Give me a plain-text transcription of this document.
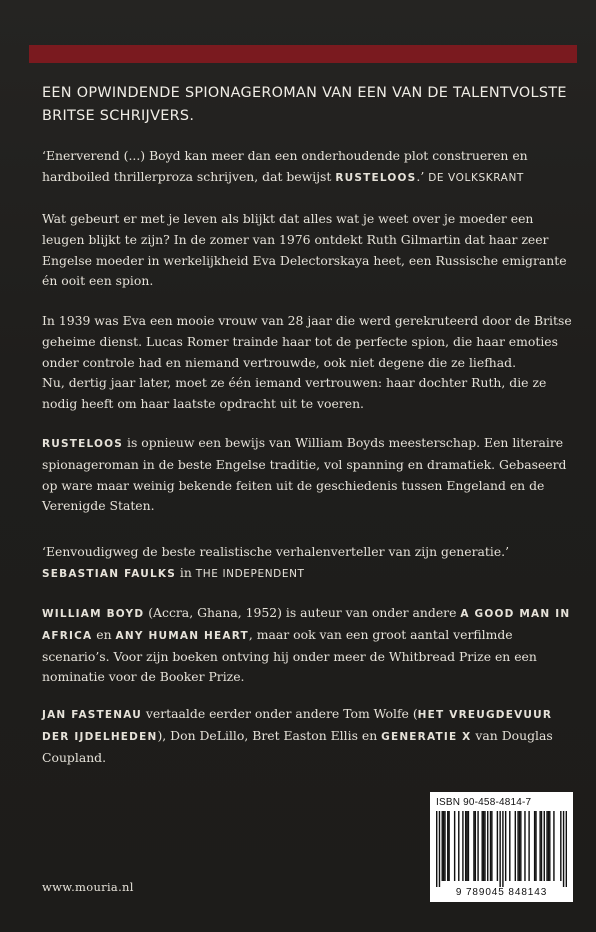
EEN OPWINDENDE SPIONAGEROMAN VAN EEN VAN DE TALENTVOLSTE
BRITSE SCHRIJVERS.

‘Enerverend (...) Boyd kan meer dan een onderhoudende plot construeren en hardboiled thrillerproza schrijven, dat bewijst RUSTELOOS.’ DE VOLKSKRANT

Wat gebeurt er met je leven als blijkt dat alles wat je weet over je moeder een leugen blijkt te zijn? In de zomer van 1976 ontdekt Ruth Gilmartin dat haar zeer Engelse moeder in werkelijkheid Eva Delectorskaya heet, een Russische emigrante én ooit een spion.

In 1939 was Eva een mooie vrouw van 28 jaar die werd gerekruteerd door de Britse geheime dienst. Lucas Romer trainde haar tot de perfecte spion, die haar emoties onder controle had en niemand vertrouwde, ook niet degene die ze liefhad.

Nu, dertig jaar later, moet ze één iemand vertrouwen: haar dochter Ruth, die ze nodig heeft om haar laatste opdracht uit te voeren.

RUSTELOOS is opnieuw een bewijs van William Boyds meesterschap. Een literaire spionageroman in de beste Engelse traditie, vol spanning en dramatiek. Gebaseerd op ware maar weinig bekende feiten uit de geschiedenis tussen Engeland en de Verenigde Staten.

‘Eenvoudigweg de beste realistische verhalenverteller van zijn generatie.’

SEBASTIAN FAULKS in THE INDEPENDENT

WILLIAM BOYD (Accra, Ghana, 1952) is auteur van onder andere A GOOD MAN IN AFRICA en ANY HUMAN HEART, maar ook van een groot aantal verfilmde scenario’s. Voor zijn boeken ontving hij onder meer de Whitbread Prize en een nominatie voor de Booker Prize.

JAN FASTENAU vertaalde eerder onder andere Tom Wolfe (HET VREUGDEVUUR DER IJDELHEDEN), Don DeLillo, Bret Easton Ellis en GENERATIE X van Douglas Coupland.

www.mouria.nl
ISBN 90-458-4814-7
9 789045 848143
